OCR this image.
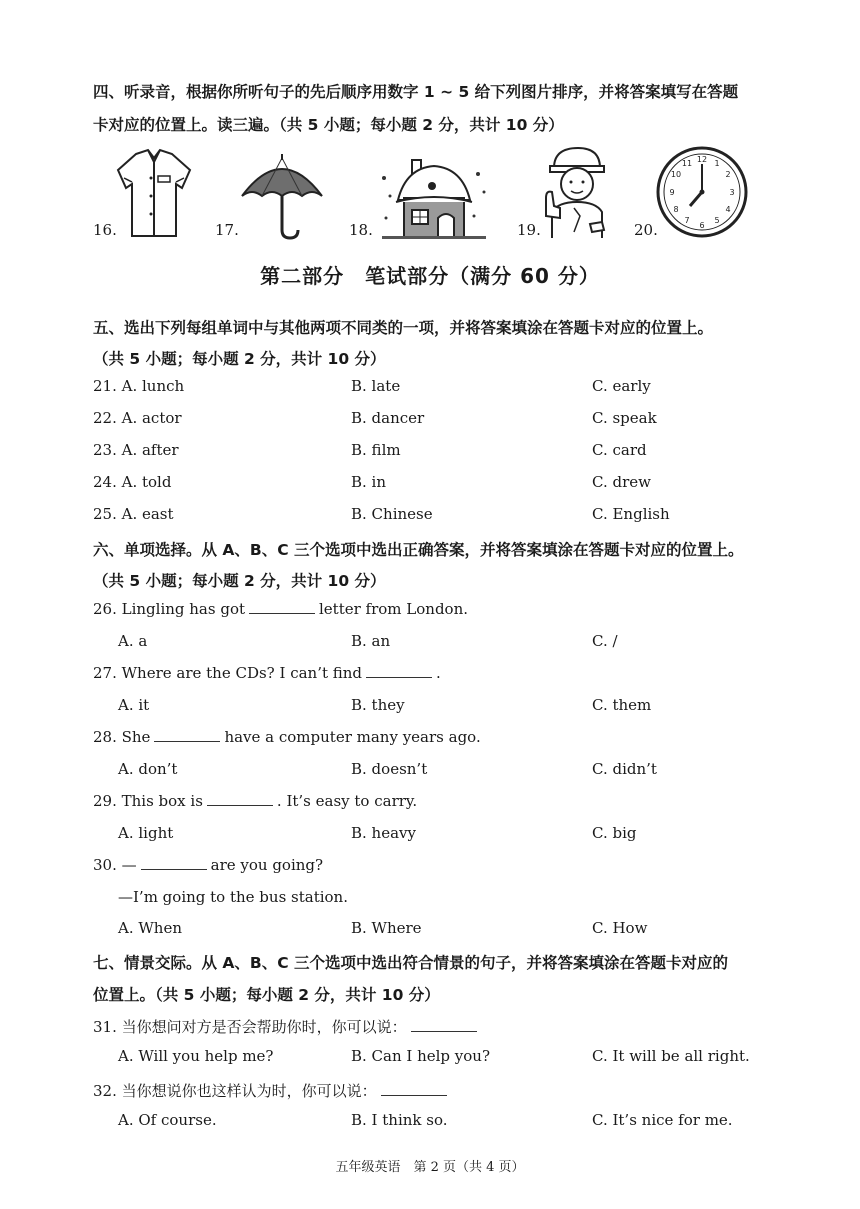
四、听录音，根据你所听句子的先后顺序用数字 1 ~ 5 给下列图片排序，并将答案填写在答题
卡对应的位置上。读三遍。（共 5 小题；每小题 2 分，共计 10 分）
16.	17.	18.	19.	20.
12 1
2
3
4
5
6
7
8
9
10
11
第二部分　笔试部分（满分 60 分）
五、选出下列每组单词中与其他两项不同类的一项，并将答案填涂在答题卡对应的位置上。
（共 5 小题；每小题 2 分，共计 10 分）
21. A. lunch	B. late	C. early
22. A. actor	B. dancer	C. speak
23. A. after	B. film	C. card
24. A. told	B. in	C. drew
25. A. east	B. Chinese	C. English
六、单项选择。从 A、B、C 三个选项中选出正确答案，并将答案填涂在答题卡对应的位置上。
（共 5 小题；每小题 2 分，共计 10 分）
26. Lingling has got	letter from London.
A. a	B. an	C. /
27. Where are the CDs? I can’t find	.
A. it	B. they	C. them
28. She	have a computer many years ago.
A. don’t	B. doesn’t	C. didn’t
29. This box is	. It’s easy to carry.
A. light	B. heavy	C. big
30. —	are you going?
—I’m going to the bus station.
A. When	B. Where	C. How
七、情景交际。从 A、B、C 三个选项中选出符合情景的句子，并将答案填涂在答题卡对应的
位置上。（共 5 小题；每小题 2 分，共计 10 分）
31. 当你想问对方是否会帮助你时，你可以说：
A. Will you help me?	B. Can I help you?	C. It will be all right.
32. 当你想说你也这样认为时，你可以说：
A. Of course.	B. I think so.	C. It’s nice for me.
五年级英语　第 2 页（共 4 页）
